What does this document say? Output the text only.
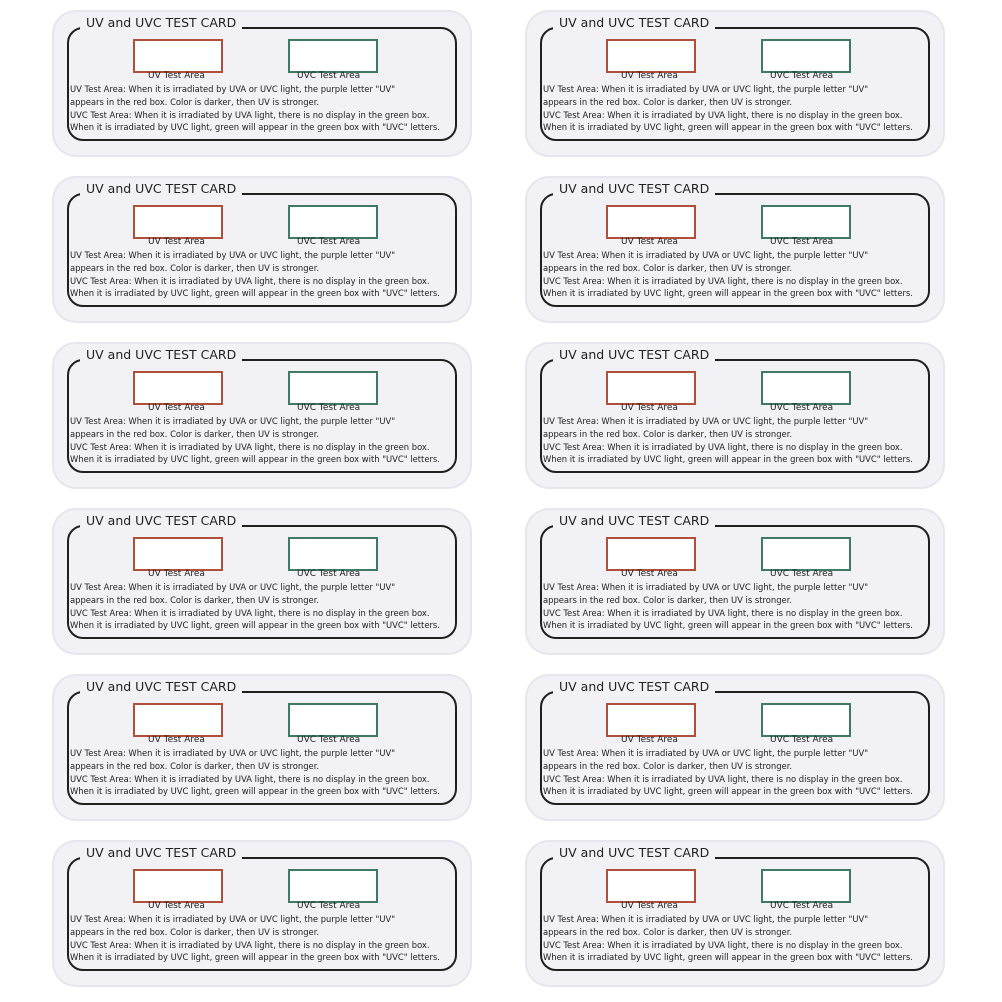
UV and UVC TEST CARD
UV Test Area	UVC Test Area
UV Test Area: When it is irradiated by UVA or UVC light, the purple letter "UV"
appears in the red box. Color is darker, then UV is stronger.
UVC Test Area: When it is irradiated by UVA light, there is no display in the green box.
When it is irradiated by UVC light, green will appear in the green box with "UVC" letters.
UV and UVC TEST CARD
UV Test Area	UVC Test Area
UV Test Area: When it is irradiated by UVA or UVC light, the purple letter "UV"
appears in the red box. Color is darker, then UV is stronger.
UVC Test Area: When it is irradiated by UVA light, there is no display in the green box.
When it is irradiated by UVC light, green will appear in the green box with "UVC" letters.
UV and UVC TEST CARD
UV Test Area	UVC Test Area
UV Test Area: When it is irradiated by UVA or UVC light, the purple letter "UV"
appears in the red box. Color is darker, then UV is stronger.
UVC Test Area: When it is irradiated by UVA light, there is no display in the green box.
When it is irradiated by UVC light, green will appear in the green box with "UVC" letters.
UV and UVC TEST CARD
UV Test Area	UVC Test Area
UV Test Area: When it is irradiated by UVA or UVC light, the purple letter "UV"
appears in the red box. Color is darker, then UV is stronger.
UVC Test Area: When it is irradiated by UVA light, there is no display in the green box.
When it is irradiated by UVC light, green will appear in the green box with "UVC" letters.
UV and UVC TEST CARD
UV Test Area	UVC Test Area
UV Test Area: When it is irradiated by UVA or UVC light, the purple letter "UV"
appears in the red box. Color is darker, then UV is stronger.
UVC Test Area: When it is irradiated by UVA light, there is no display in the green box.
When it is irradiated by UVC light, green will appear in the green box with "UVC" letters.
UV and UVC TEST CARD
UV Test Area	UVC Test Area
UV Test Area: When it is irradiated by UVA or UVC light, the purple letter "UV"
appears in the red box. Color is darker, then UV is stronger.
UVC Test Area: When it is irradiated by UVA light, there is no display in the green box.
When it is irradiated by UVC light, green will appear in the green box with "UVC" letters.
UV and UVC TEST CARD
UV Test Area	UVC Test Area
UV Test Area: When it is irradiated by UVA or UVC light, the purple letter "UV"
appears in the red box. Color is darker, then UV is stronger.
UVC Test Area: When it is irradiated by UVA light, there is no display in the green box.
When it is irradiated by UVC light, green will appear in the green box with "UVC" letters.
UV and UVC TEST CARD
UV Test Area	UVC Test Area
UV Test Area: When it is irradiated by UVA or UVC light, the purple letter "UV"
appears in the red box. Color is darker, then UV is stronger.
UVC Test Area: When it is irradiated by UVA light, there is no display in the green box.
When it is irradiated by UVC light, green will appear in the green box with "UVC" letters.
UV and UVC TEST CARD
UV Test Area	UVC Test Area
UV Test Area: When it is irradiated by UVA or UVC light, the purple letter "UV"
appears in the red box. Color is darker, then UV is stronger.
UVC Test Area: When it is irradiated by UVA light, there is no display in the green box.
When it is irradiated by UVC light, green will appear in the green box with "UVC" letters.
UV and UVC TEST CARD
UV Test Area	UVC Test Area
UV Test Area: When it is irradiated by UVA or UVC light, the purple letter "UV"
appears in the red box. Color is darker, then UV is stronger.
UVC Test Area: When it is irradiated by UVA light, there is no display in the green box.
When it is irradiated by UVC light, green will appear in the green box with "UVC" letters.
UV and UVC TEST CARD
UV Test Area	UVC Test Area
UV Test Area: When it is irradiated by UVA or UVC light, the purple letter "UV"
appears in the red box. Color is darker, then UV is stronger.
UVC Test Area: When it is irradiated by UVA light, there is no display in the green box.
When it is irradiated by UVC light, green will appear in the green box with "UVC" letters.
UV and UVC TEST CARD
UV Test Area	UVC Test Area
UV Test Area: When it is irradiated by UVA or UVC light, the purple letter "UV"
appears in the red box. Color is darker, then UV is stronger.
UVC Test Area: When it is irradiated by UVA light, there is no display in the green box.
When it is irradiated by UVC light, green will appear in the green box with "UVC" letters.
